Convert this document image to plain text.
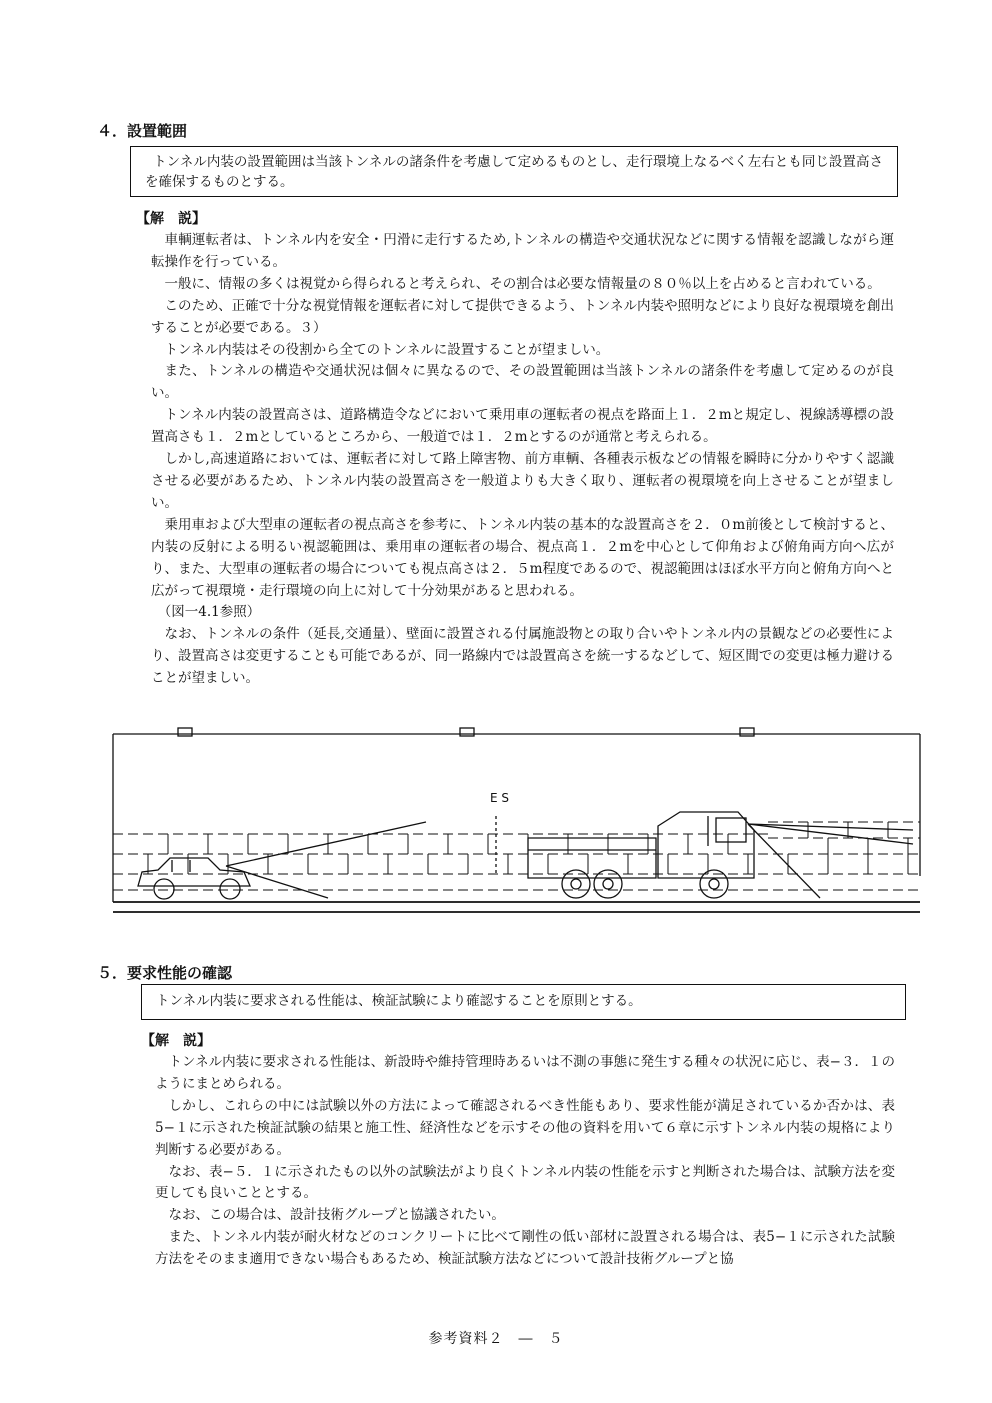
４．設置範囲
トンネル内装の設置範囲は当該トンネルの諸条件を考慮して定めるものとし、走行環境上なるべく左右とも同じ設置高さを確保するものとする。
【解　説】

車輌運転者は、トンネル内を安全・円滑に走行するため,トンネルの構造や交通状況などに関する情報を認識しながら運転操作を行っている。

一般に、情報の多くは視覚から得られると考えられ、その割合は必要な情報量の８０％以上を占めると言われている。

このため、正確で十分な視覚情報を運転者に対して提供できるよう、トンネル内装や照明などにより良好な視環境を創出することが必要である。３）

トンネル内装はその役割から全てのトンネルに設置することが望ましい。

また、トンネルの構造や交通状況は個々に異なるので、その設置範囲は当該トンネルの諸条件を考慮して定めるのが良い。

トンネル内装の設置高さは、道路構造令などにおいて乗用車の運転者の視点を路面上１．２mと規定し、視線誘導標の設置高さも１．２mとしているところから、一般道では１．２mとするのが通常と考えられる。

しかし,高速道路においては、運転者に対して路上障害物、前方車輌、各種表示板などの情報を瞬時に分かりやすく認識させる必要があるため、トンネル内装の設置高さを一般道よりも大きく取り、運転者の視環境を向上させることが望ましい。

乗用車および大型車の運転者の視点高さを参考に、トンネル内装の基本的な設置高さを２．０m前後として検討すると、内装の反射による明るい視認範囲は、乗用車の運転者の場合、視点高１．２mを中心として仰角および俯角両方向へ広がり、また、大型車の運転者の場合についても視点高さは２．５m程度であるので、視認範囲はほぼ水平方向と俯角方向へと広がって視環境・走行環境の向上に対して十分効果があると思われる。

（図一4.1参照）

なお、トンネルの条件（延長,交通量）、壁面に設置される付属施設物との取り合いやトンネル内の景観などの必要性により、設置高さは変更することも可能であるが、同一路線内では設置高さを統一するなどして、短区間での変更は極力避けることが望ましい。

E S
５．要求性能の確認
トンネル内装に要求される性能は、検証試験により確認することを原則とする。
【解　説】

トンネル内装に要求される性能は、新設時や維持管理時あるいは不測の事態に発生する種々の状況に応じ、表−３．１のようにまとめられる。

しかし、これらの中には試験以外の方法によって確認されるべき性能もあり、要求性能が満足されているか否かは、表5−１に示された検証試験の結果と施工性、経済性などを示すその他の資料を用いて６章に示すトンネル内装の規格により判断する必要がある。

なお、表−５．１に示されたもの以外の試験法がより良くトンネル内装の性能を示すと判断された場合は、試験方法を変更しても良いこととする。

なお、この場合は、設計技術グループと協議されたい。

また、トンネル内装が耐火材などのコンクリートに比べて剛性の低い部材に設置される場合は、表5−１に示された試験方法をそのまま適用できない場合もあるため、検証試験方法などについて設計技術グループと協

参考資料２　―　５
